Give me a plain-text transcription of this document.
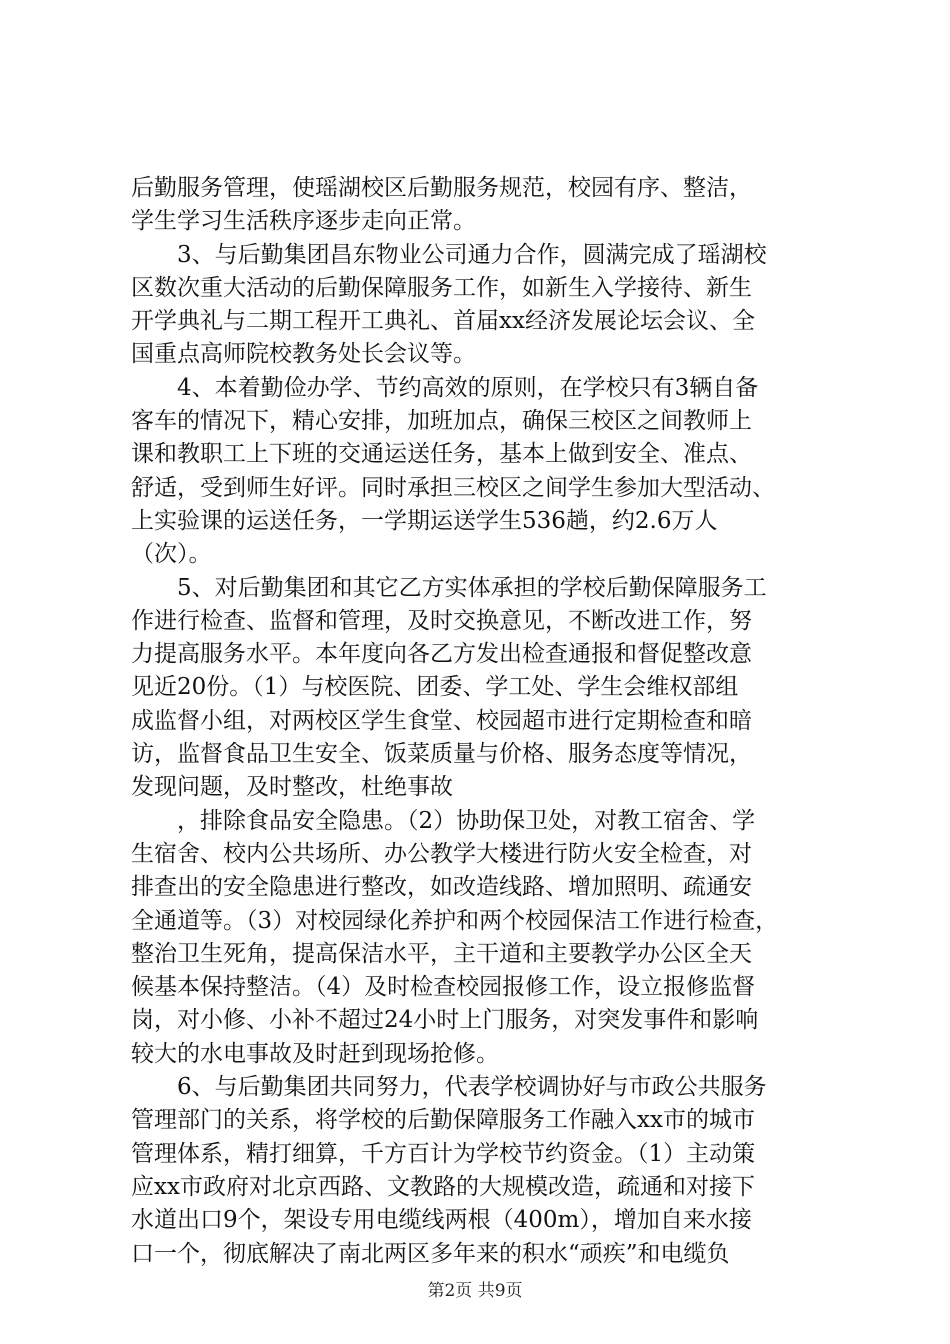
后勤服务管理，使瑶湖校区后勤服务规范，校园有序、整洁，
学生学习生活秩序逐步走向正常。
3、与后勤集团昌东物业公司通力合作，圆满完成了瑶湖校
区数次重大活动的后勤保障服务工作，如新生入学接待、新生
开学典礼与二期工程开工典礼、首届xx经济发展论坛会议、全
国重点高师院校教务处长会议等。
4、本着勤俭办学、节约高效的原则，在学校只有3辆自备
客车的情况下，精心安排，加班加点，确保三校区之间教师上
课和教职工上下班的交通运送任务，基本上做到安全、准点、
舒适，受到师生好评。同时承担三校区之间学生参加大型活动、
上实验课的运送任务，一学期运送学生536趟，约2.6万人
（次）。
5、对后勤集团和其它乙方实体承担的学校后勤保障服务工
作进行检查、监督和管理，及时交换意见，不断改进工作，努
力提高服务水平。本年度向各乙方发出检查通报和督促整改意
见近20份。（1）与校医院、团委、学工处、学生会维权部组
成监督小组，对两校区学生食堂、校园超市进行定期检查和暗
访，监督食品卫生安全、饭菜质量与价格、服务态度等情况，
发现问题，及时整改，杜绝事故
，排除食品安全隐患。（2）协助保卫处，对教工宿舍、学
生宿舍、校内公共场所、办公教学大楼进行防火安全检查，对
排查出的安全隐患进行整改，如改造线路、增加照明、疏通安
全通道等。（3）对校园绿化养护和两个校园保洁工作进行检查，
整治卫生死角，提高保洁水平，主干道和主要教学办公区全天
候基本保持整洁。（4）及时检查校园报修工作，设立报修监督
岗，对小修、小补不超过24小时上门服务，对突发事件和影响
较大的水电事故及时赶到现场抢修。
6、与后勤集团共同努力，代表学校调协好与市政公共服务
管理部门的关系，将学校的后勤保障服务工作融入xx市的城市
管理体系，精打细算，千方百计为学校节约资金。（1）主动策
应xx市政府对北京西路、文教路的大规模改造，疏通和对接下
水道出口9个，架设专用电缆线两根（400m），增加自来水接
口一个，彻底解决了南北两区多年来的积水“顽疾”和电缆负
第2页 共9页
